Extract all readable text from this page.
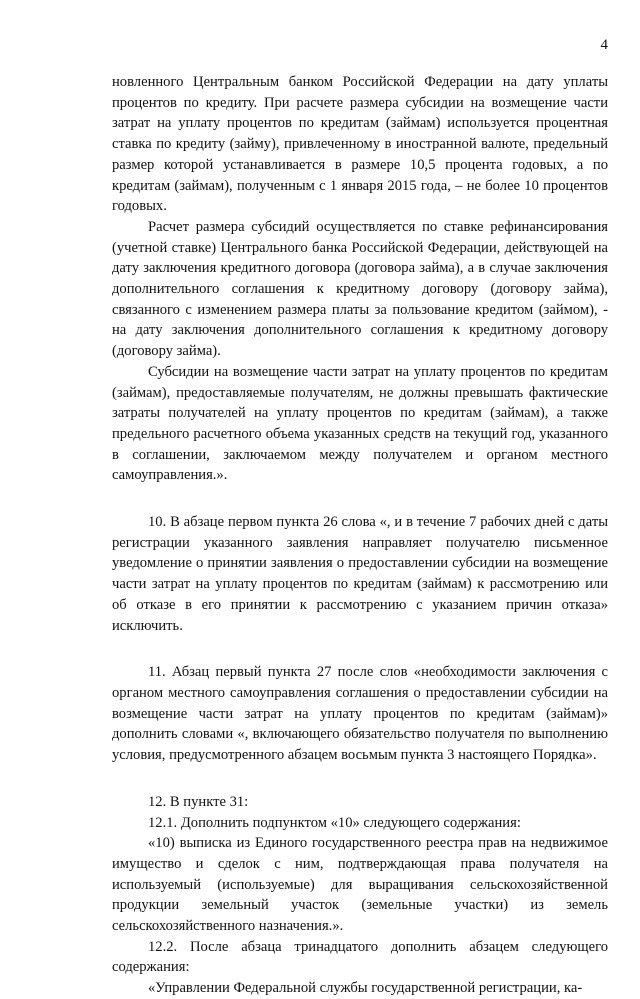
4

новленного Центральным банком Российской Федерации на дату уплаты процентов по кредиту. При расчете размера субсидии на возмещение части затрат на уплату процентов по кредитам (займам) используется процентная ставка по кредиту (займу), привлеченному в иностранной валюте, предельный размер которой устанавливается в размере 10,5 процента годовых, а по кредитам (займам), полученным с 1 января 2015 года, – не более 10 процентов годовых.

Расчет размера субсидий осуществляется по ставке рефинансирования (учетной ставке) Центрального банка Российской Федерации, действующей на дату заключения кредитного договора (договора займа), а в случае заключения дополнительного соглашения к кредитному договору (договору займа), связанного с изменением размера платы за пользование кредитом (займом), - на дату заключения дополнительного соглашения к кредитному договору (договору займа).

Субсидии на возмещение части затрат на уплату процентов по кредитам (займам), предоставляемые получателям, не должны превышать фактические затраты получателей на уплату процентов по кредитам (займам), а также предельного расчетного объема указанных средств на текущий год, указанного в соглашении, заключаемом между получателем и органом местного самоуправления.».

10. В абзаце первом пункта 26 слова «, и в течение 7 рабочих дней с даты регистрации указанного заявления направляет получателю письменное уведомление о принятии заявления о предоставлении субсидии на возмещение части затрат на уплату процентов по кредитам (займам) к рассмотрению или об отказе в его принятии к рассмотрению с указанием причин отказа» исключить.

11. Абзац первый пункта 27 после слов «необходимости заключения с органом местного самоуправления соглашения о предоставлении субсидии на возмещение части затрат на уплату процентов по кредитам (займам)» дополнить словами «, включающего обязательство получателя по выполнению условия, предусмотренного абзацем восьмым пункта 3 настоящего Порядка».

12. В пункте 31:

12.1. Дополнить подпунктом «10» следующего содержания:

«10) выписка из Единого государственного реестра прав на недвижимое имущество и сделок с ним, подтверждающая права получателя на используемый (используемые) для выращивания сельскохозяйственной продукции земельный участок (земельные участки) из земель сельскохозяйственного назначения.».

12.2. После абзаца тринадцатого дополнить абзацем следующего содержания:

«Управлении Федеральной службы государственной регистрации, ка-
